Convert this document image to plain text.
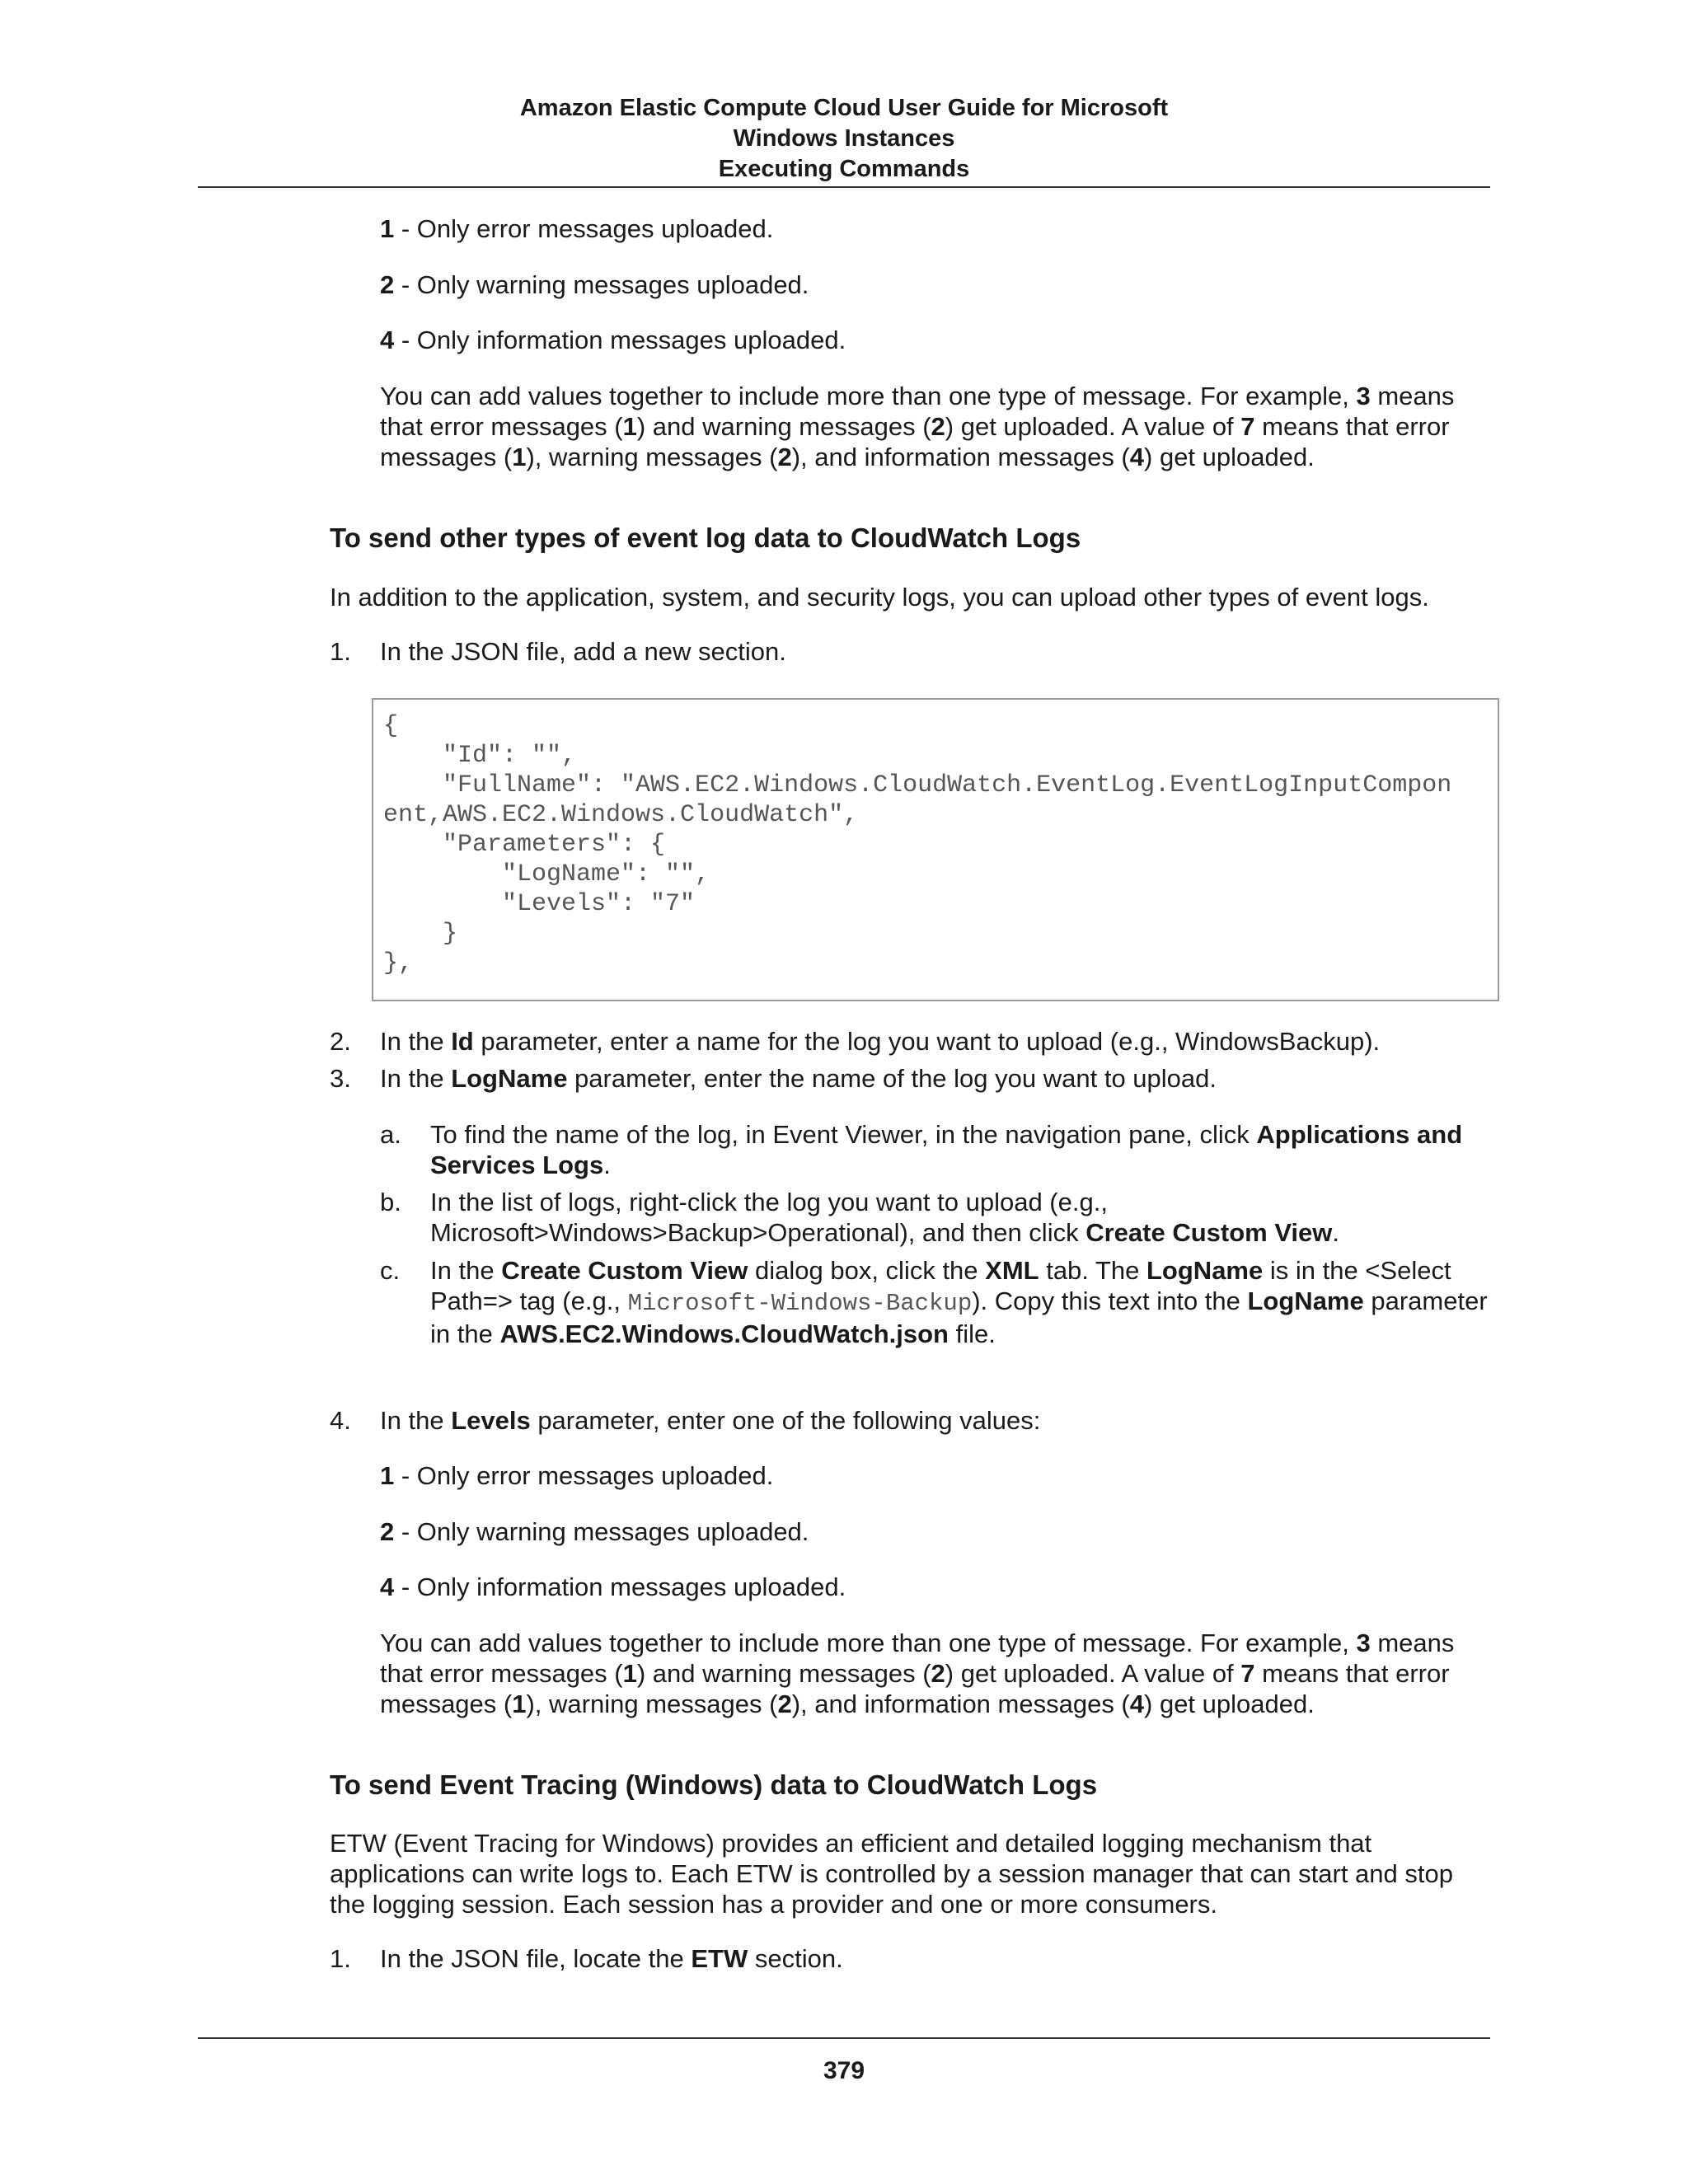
Amazon Elastic Compute Cloud User Guide for Microsoft
Windows Instances
Executing Commands
1 - Only error messages uploaded.
2 - Only warning messages uploaded.
4 - Only information messages uploaded.
You can add values together to include more than one type of message. For example, 3 means that error messages (1) and warning messages (2) get uploaded. A value of 7 means that error messages (1), warning messages (2), and information messages (4) get uploaded.
To send other types of event log data to CloudWatch Logs
In addition to the application, system, and security logs, you can upload other types of event logs.
1.	In the JSON file, add a new section.
{
"Id": "",
"FullName": "AWS.EC2.Windows.CloudWatch.EventLog.EventLogInputCompon
ent,AWS.EC2.Windows.CloudWatch",
"Parameters": {
"LogName": "",
"Levels": "7"
}
},
2.	In the Id parameter, enter a name for the log you want to upload (e.g., WindowsBackup).
3.	In the LogName parameter, enter the name of the log you want to upload.
a.	To find the name of the log, in Event Viewer, in the navigation pane, click Applications and Services Logs.
b.	In the list of logs, right-click the log you want to upload (e.g., Microsoft>Windows>Backup>Operational), and then click Create Custom View.
c.	In the Create Custom View dialog box, click the XML tab. The LogName is in the <Select Path=> tag (e.g., Microsoft-Windows-Backup). Copy this text into the LogName parameter in the AWS.EC2.Windows.CloudWatch.json file.
4.	In the Levels parameter, enter one of the following values:
1 - Only error messages uploaded.
2 - Only warning messages uploaded.
4 - Only information messages uploaded.
You can add values together to include more than one type of message. For example, 3 means that error messages (1) and warning messages (2) get uploaded. A value of 7 means that error messages (1), warning messages (2), and information messages (4) get uploaded.
To send Event Tracing (Windows) data to CloudWatch Logs
ETW (Event Tracing for Windows) provides an efficient and detailed logging mechanism that applications can write logs to. Each ETW is controlled by a session manager that can start and stop the logging session. Each session has a provider and one or more consumers.
1.	In the JSON file, locate the ETW section.
379
